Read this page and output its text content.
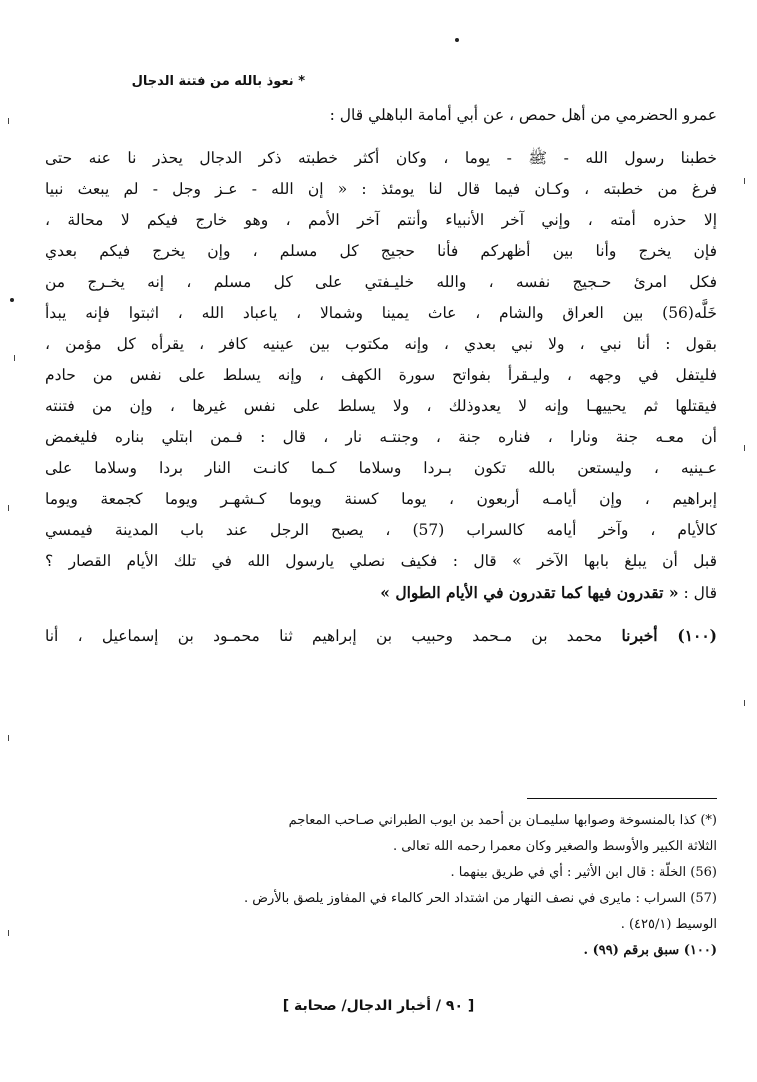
* نعوذ بالله من فتنة الدجال
عمرو الحضرمي من أهل حمص ، عن أبي أمامة الباهلي قال :
خطبنا رسول الله - ﷺ - يوما ، وكان أكثر خطبته ذكر الدجال يحذر نا عنه حتى
فرغ من خطبته ، وكـان فيما قال لنا يومئذ : « إن الله - عـز وجل - لم يبعث نبيا
إلا حذره أمته ، وإني آخر الأنبياء وأنتم آخر الأمم ، وهو خارج فيكم لا محالة ،
فإن يخرج وأنا بين أظهركم فأنا حجيج كل مسلم ، وإن يخرج فيكم بعدي
فكل امرئ حـجيج نفسه ، والله خليـفتي على كل مسلم ، إنه يخـرج من
خَلَّه(56) بين العراق والشام ، عاث يمينا وشمالا ، ياعباد الله ، اثبتوا فإنه يبدأ
بقول : أنا نبي ، ولا نبي بعدي ، وإنه مكتوب بين عينيه كافر ، يقرأه كل مؤمن ،
فليتفل في وجهه ، وليـقرأ بفواتح سورة الكهف ، وإنه يسلط على نفس من حادم
فيقتلها ثم يحييهـا وإنه لا يعدوذلك ، ولا يسلط على نفس غيرها ، وإن من فتنته
أن معـه جنة ونارا ، فناره جنة ، وجنتـه نار ، قال : فـمن ابتلي بناره فليغمض
عـينيه ، وليستعن بالله تكون بـردا وسلاما كـما كانـت النار بردا وسلاما على
إبراهيم ، وإن أيامـه أربعون ، يوما كسنة ويوما كـشهـر ويوما كجمعة ويوما
كالأيام ، وآخر أيامه كالسراب (57) ، يصبح الرجل عند باب المدينة فيمسي
قبل أن يبلغ بابها الآخر » قال : فكيف نصلي يارسول الله في تلك الأيام القصار ؟
قال : « تقدرون فيها كما تقدرون في الأيام الطوال »
(١٠٠) أخبرنا محمد بن مـحمد وحبيب بن إبراهيم ثنا محمـود بن إسماعيل ، أنا
(*) كذا بالمنسوخة وصوابها سليمـان بن أحمد بن ايوب الطبراني صـاحب المعاجم
الثلاثة الكبير والأوسط والصغير وكان معمرا رحمه الله تعالى .
(56) الخلّة : قال ابن الأثير : أي في طريق بينهما .
(57) السراب : مايرى في نصف النهار من اشتداد الحر كالماء في المفاوز يلصق بالأرض .
الوسيط (٤٢٥/١) .
(١٠٠) سبق برقم (٩٩) .
[ ٩٠ / أخبار الدجال/ صحابة ]
